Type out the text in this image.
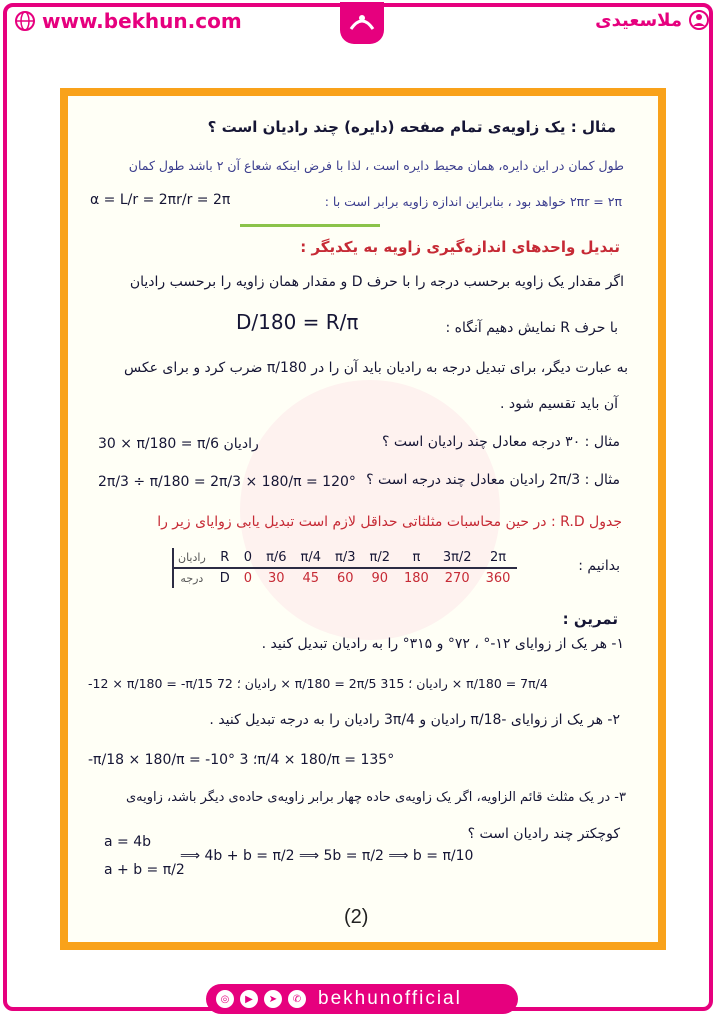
www.bekhun.com	ملاسعیدی
مثال : یک زاویه‌ی تمام صفحه (دایره) چند رادیان است ؟
طول کمان در این دایره، همان محیط دایره است ، لذا با فرض اینکه شعاع آن ۲ باشد طول کمان
۲πr = ۲π خواهد بود ، بنابراین اندازه زاویه برابر است با :
α = L/r = 2πr/r = 2π
تبدیل واحدهای اندازه‌گیری زاویه به یکدیگر :
اگر مقدار یک زاویه برحسب درجه را با حرف D و مقدار همان زاویه را برحسب رادیان
با حرف R نمایش دهیم آنگاه :
D/180 = R/π
به عبارت دیگر، برای تبدیل درجه به رادیان باید آن را در π/180 ضرب کرد و برای عکس
آن باید تقسیم شود .
مثال : ۳۰ درجه معادل چند رادیان است ؟
30 × π/180 = π/6 رادیان
مثال : 2π/3 رادیان معادل چند درجه است ؟
2π/3 ÷ π/180 = 2π/3 × 180/π = 120°
جدول R.D : در حین محاسبات مثلثاتی حداقل لازم است تبدیل یابی زوایای زیر را
بدانیم :
رادیان	R	0	π/6	π/4	π/3	π/2	π	3π/2	2π
درجه	D	0	30	45	60	90	180	270	360
تمرین :
۱- هر یک از زوایای ۱۲-° ، ۷۲° و ۳۱۵° را به رادیان تبدیل کنید .
-12 × π/180 = -π/15 رادیان ؛ 72 × π/180 = 2π/5 رادیان ؛ 315 × π/180 = 7π/4
۲- هر یک از زوایای -π/18 رادیان و 3π/4 رادیان را به درجه تبدیل کنید .
-π/18 × 180/π = -10° ؛ 3π/4 × 180/π = 135°
۳- در یک مثلث قائم الزاویه، اگر یک زاویه‌ی حاده چهار برابر زاویه‌ی حاده‌ی دیگر باشد، زاویه‌ی
کوچکتر چند رادیان است ؟
a = 4b
a + b = π/2
⟹ 4b + b = π/2 ⟹ 5b = π/2 ⟹ b = π/10
(2)
◎	▶	➤	✆ bekhunofficial
